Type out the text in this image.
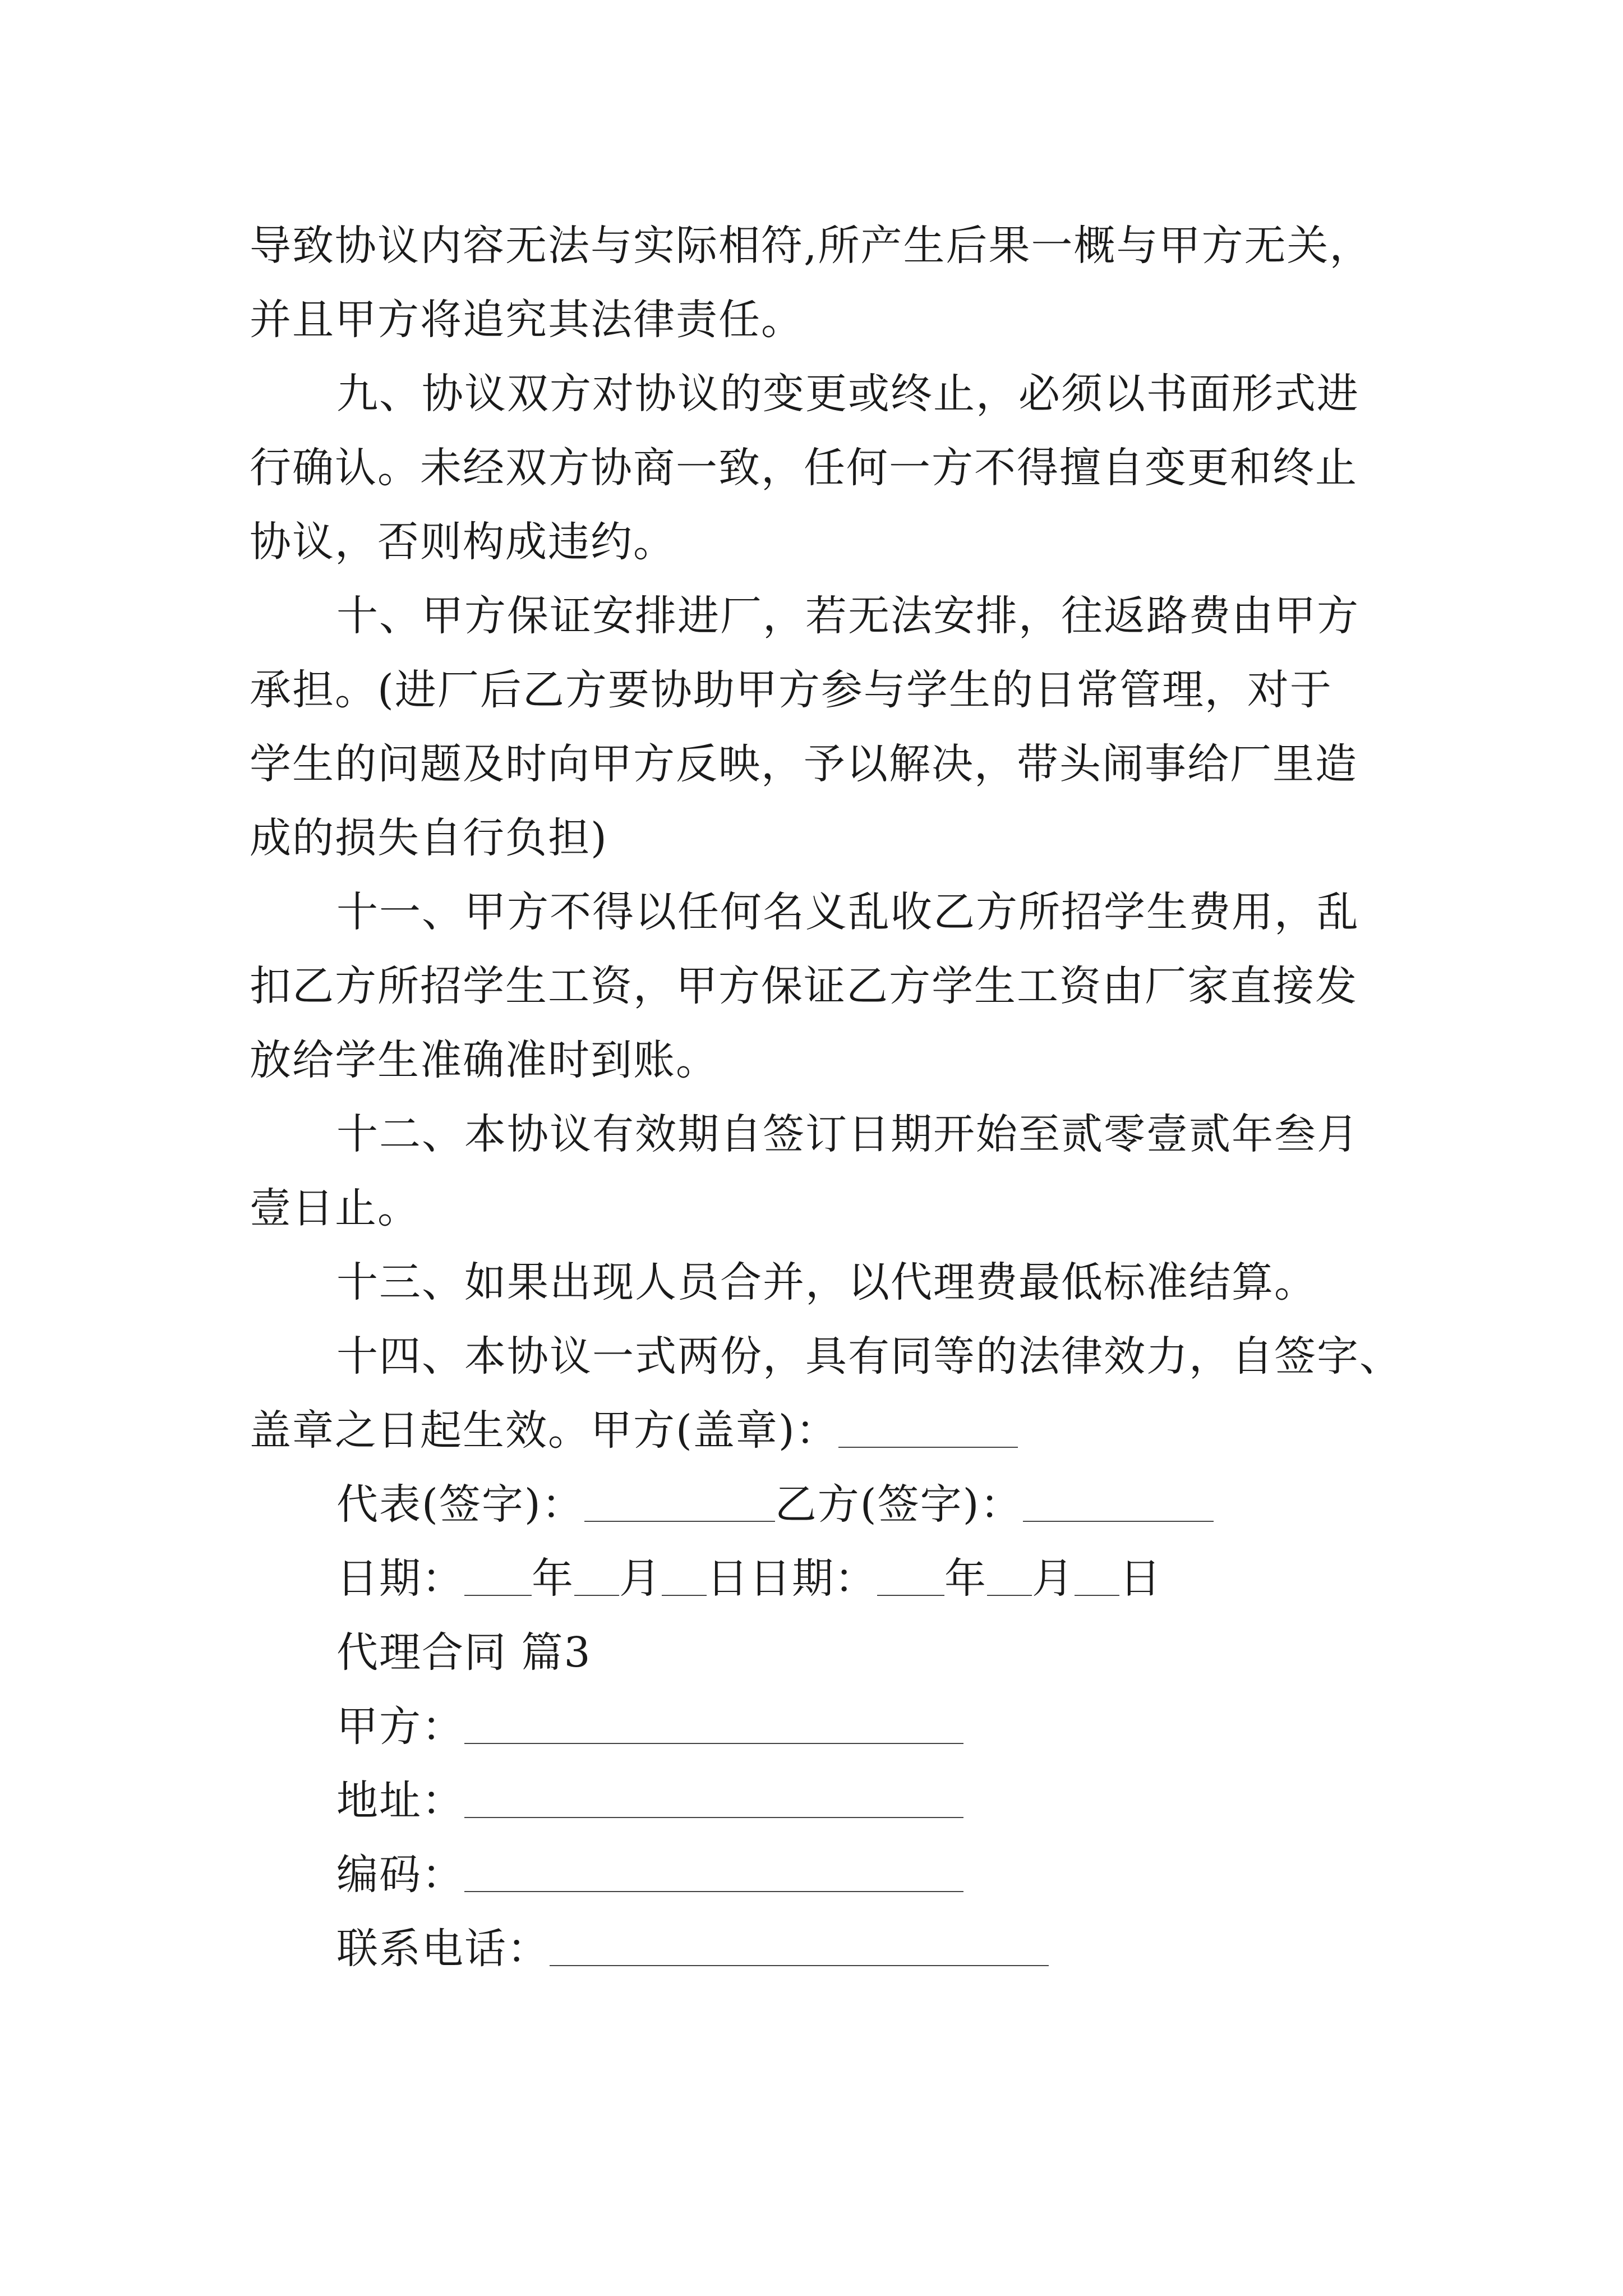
导致协议内容无法与实际相符,所产生后果一概与甲方无关，
并且甲方将追究其法律责任。
九、协议双方对协议的变更或终止，必须以书面形式进
行确认。未经双方协商一致，任何一方不得擅自变更和终止
协议，否则构成违约。
十、甲方保证安排进厂，若无法安排，往返路费由甲方
承担。(进厂后乙方要协助甲方参与学生的日常管理，对于
学生的问题及时向甲方反映，予以解决，带头闹事给厂里造
成的损失自行负担)
十一、甲方不得以任何名义乱收乙方所招学生费用，乱
扣乙方所招学生工资，甲方保证乙方学生工资由厂家直接发
放给学生准确准时到账。
十二、本协议有效期自签订日期开始至贰零壹贰年叁月
壹日止。
十三、如果出现人员合并，以代理费最低标准结算。
十四、本协议一式两份，具有同等的法律效力，自签字、
盖章之日起生效。甲方(盖章)：
代表(签字)：	乙方(签字)：
日期： 年 月 日日期： 年 月 日
代理合同 篇3
甲方：
地址：
编码：
联系电话：
